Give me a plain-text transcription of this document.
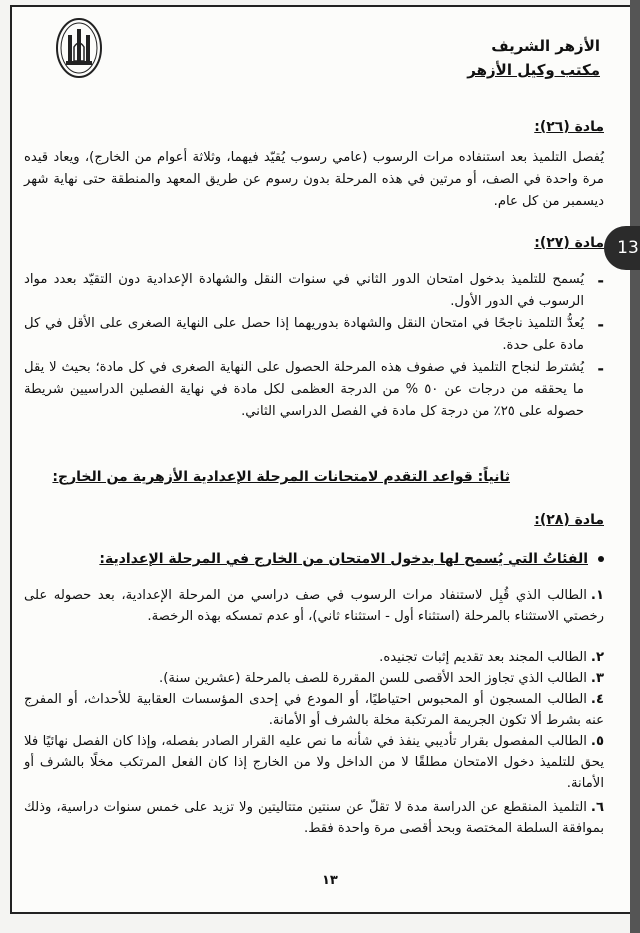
الأزهر الشريف
مكتب وكيل الأزهر
مادة (٢٦):
يُفصل التلميذ بعد استنفاده مرات الرسوب (عامي رسوب يُقيّد فيهما، وثلاثة أعوام من الخارج)، ويعاد قيده مرة واحدة في الصف، أو مرتين في هذه المرحلة بدون رسوم عن طريق المعهد والمنطقة حتى نهاية شهر ديسمبر من كل عام.
مادة (٢٧):
-
يُسمح للتلميذ بدخول امتحان الدور الثاني في سنوات النقل والشهادة الإعدادية دون التقيّد بعدد مواد الرسوب في الدور الأول.
-
يُعدُّ التلميذ ناجحًا في امتحان النقل والشهادة بدوريهما إذا حصل على النهاية الصغرى على الأقل في كل مادة على حدة.
-
يُشترط لنجاح التلميذ في صفوف هذه المرحلة الحصول على النهاية الصغرى في كل مادة؛ بحيث لا يقل ما يحققه من درجات عن ٥٠ % من الدرجة العظمى لكل مادة في نهاية الفصلين الدراسيين شريطة حصوله على ٢٥٪ من درجة كل مادة في الفصل الدراسي الثاني.
ثانياً: قواعد التقدم لامتحانات المرحلة الإعدادية الأزهرية من الخارج:
مادة (٢٨):
الفئاتُ التي يُسمح لها بدخول الامتحان من الخارج في المرحلة الإعدادية:
١.الطالب الذي قُبِل لاستنفاد مرات الرسوب في صف دراسي من المرحلة الإعدادية، بعد حصوله على رخصتي الاستثناء بالمرحلة (استثناء أول - استثناء ثاني)، أو عدم تمسكه بهذه الرخصة.
٢.الطالب المجند بعد تقديم إثبات تجنيده.
٣.الطالب الذي تجاوز الحد الأقصى للسن المقررة للصف بالمرحلة (عشرين سنة).
٤.الطالب المسجون أو المحبوس احتياطيًا، أو المودع في إحدى المؤسسات العقابية للأحداث، أو المفرج عنه بشرط ألا تكون الجريمة المرتكبة مخلة بالشرف أو الأمانة.
٥.الطالب المفصول بقرار تأديبي ينفذ في شأنه ما نص عليه القرار الصادر بفصله، وإذا كان الفصل نهائيًا فلا يحق للتلميذ دخول الامتحان مطلقًا لا من الداخل ولا من الخارج إذا كان الفعل المرتكب مخلًا بالشرف أو الأمانة.
٦.التلميذ المنقطع عن الدراسة مدة لا تقلّ عن سنتين متتاليتين ولا تزيد على خمس سنوات دراسية، وذلك بموافقة السلطة المختصة وبحد أقصى مرة واحدة فقط.
١٣
13
